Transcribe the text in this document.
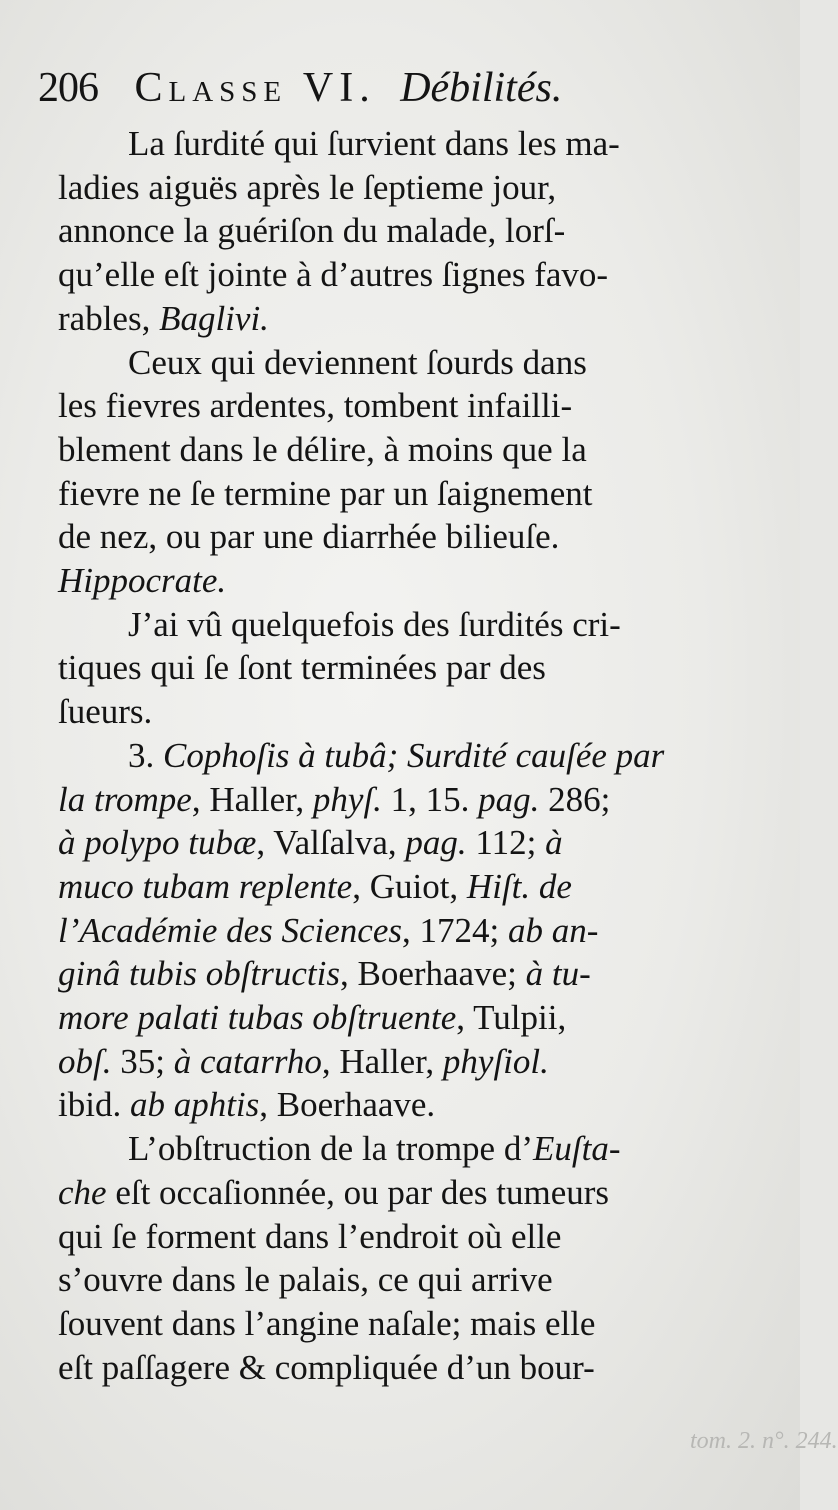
206 Classe VI. Débilités.
  La ſurdité qui ſurvient dans les ma-
ladies aiguës après le ſeptieme jour,
annonce la guériſon du malade, lorſ-
qu’elle eſt jointe à d’autres ſignes favo-
rables, Baglivi.
  Ceux qui deviennent ſourds dans
les fievres ardentes, tombent infailli-
blement dans le délire, à moins que la
fievre ne ſe termine par un ſaignement
de nez, ou par une diarrhée bilieuſe.
Hippocrate.
  J’ai vû quelquefois des ſurdités cri-
tiques qui ſe ſont terminées par des
ſueurs.
  3. Cophoſis à tubâ; Surdité cauſée par
la trompe, Haller, phyſ. 1, 15. pag. 286;
à polypo tubæ, Valſalva, pag. 112; à
muco tubam replente, Guiot, Hiſt. de
l’Académie des Sciences, 1724; ab an-
ginâ tubis obſtructis, Boerhaave; à tu-
more palati tubas obſtruente, Tulpii,
obſ. 35; à catarrho, Haller, phyſiol.
ibid. ab aphtis, Boerhaave.
  L’obſtruction de la trompe d’Euſta-
che eſt occaſionnée, ou par des tumeurs
qui ſe forment dans l’endroit où elle
s’ouvre dans le palais, ce qui arrive
ſouvent dans l’angine naſale; mais elle
eſt paſſagere & compliquée d’un bour-
tom. 2. n°. 244.
